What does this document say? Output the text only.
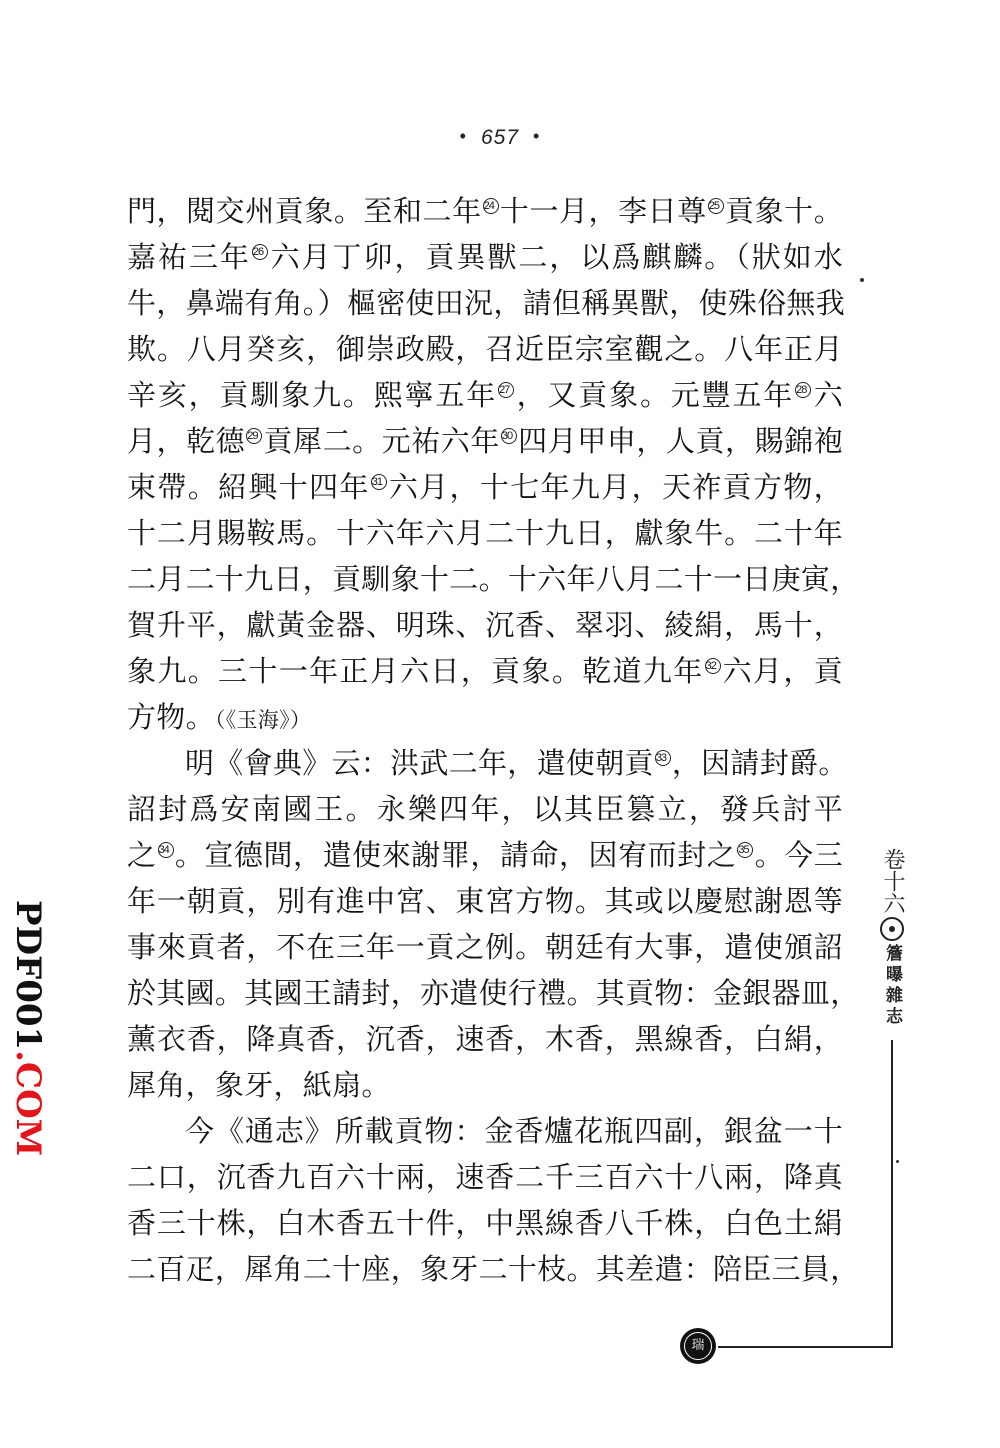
• 657 •
門，閱交州貢象。至和二年 24 十一月，李日尊 25 貢象十。
嘉祐三年 26 六月丁卯，貢異獸二，以爲麒麟。（狀如水
牛，鼻端有角。）樞密使田況，請但稱異獸，使殊俗無我
欺。八月癸亥，御崇政殿，召近臣宗室觀之。八年正月
辛亥，貢馴象九。熙寧五年 27 ，又貢象。元豐五年 28 六
月，乾德 29 貢犀二。元祐六年 30 四月甲申，人貢，賜錦袍
束帶。紹興十四年 31 六月，十七年九月，天祚貢方物，
十二月賜鞍馬。十六年六月二十九日，獻象牛。二十年
二月二十九日，貢馴象十二。十六年八月二十一日庚寅，
賀升平，獻黃金器、明珠、沉香、翠羽、綾絹，馬十，
象九。三十一年正月六日，貢象。乾道九年 32 六月，貢
方物。（《玉海》）
明《會典》云：洪武二年，遣使朝貢 33 ，因請封爵。
詔封爲安南國王。永樂四年，以其臣篡立，發兵討平
之 34 。宣德間，遣使來謝罪，請命，因宥而封之 35 。今三
年一朝貢，別有進中宮、東宮方物。其或以慶慰謝恩等
事來貢者，不在三年一貢之例。朝廷有大事，遣使頒詔
於其國。其國王請封，亦遣使行禮。其貢物：金銀器皿，
薰衣香，降真香，沉香，速香，木香，黑線香，白絹，
犀角，象牙，紙扇。
今《通志》所載貢物：金香爐花瓶四副，銀盆一十
二口，沉香九百六十兩，速香二千三百六十八兩，降真
香三十株，白木香五十件，中黑線香八千株，白色土絹
二百疋，犀角二十座，象牙二十枝。其差遣：陪臣三員，
卷十六
簷曝雜志
瑞
PDF001.COM
